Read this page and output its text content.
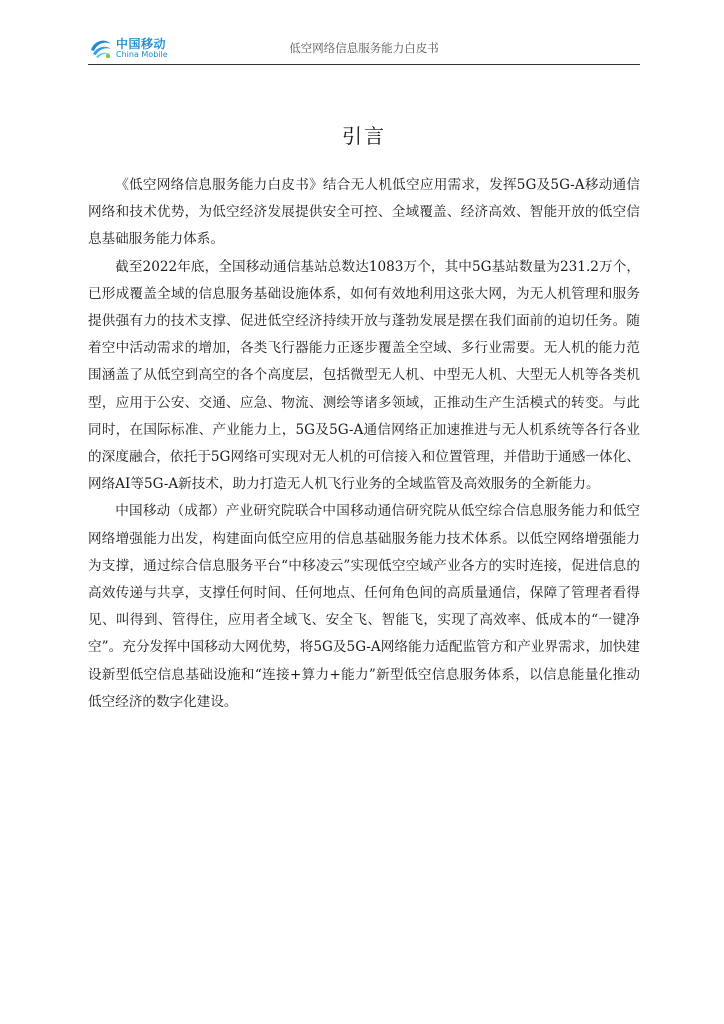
中国移动
China Mobile	低空网络信息服务能力白皮书
引言

《低空网络信息服务能力白皮书》结合无人机低空应用需求，发挥5G及5G-A移动通信网络和技术优势，为低空经济发展提供安全可控、全域覆盖、经济高效、智能开放的低空信息基础服务能力体系。

截至2022年底，全国移动通信基站总数达1083万个，其中5G基站数量为231.2万个，已形成覆盖全域的信息服务基础设施体系，如何有效地利用这张大网，为无人机管理和服务提供强有力的技术支撑、促进低空经济持续开放与蓬勃发展是摆在我们面前的迫切任务。随着空中活动需求的增加，各类飞行器能力正逐步覆盖全空域、多行业需要。无人机的能力范围涵盖了从低空到高空的各个高度层，包括微型无人机、中型无人机、大型无人机等各类机型，应用于公安、交通、应急、物流、测绘等诸多领域，正推动生产生活模式的转变。与此同时，在国际标准、产业能力上，5G及5G-A通信网络正加速推进与无人机系统等各行各业的深度融合，依托于5G网络可实现对无人机的可信接入和位置管理，并借助于通感一体化、网络AI等5G-A新技术，助力打造无人机飞行业务的全域监管及高效服务的全新能力。

中国移动（成都）产业研究院联合中国移动通信研究院从低空综合信息服务能力和低空网络增强能力出发，构建面向低空应用的信息基础服务能力技术体系。以低空网络增强能力为支撑，通过综合信息服务平台“中移凌云”实现低空空域产业各方的实时连接，促进信息的高效传递与共享，支撑任何时间、任何地点、任何角色间的高质量通信，保障了管理者看得见、叫得到、管得住，应用者全域飞、安全飞、智能飞，实现了高效率、低成本的“一键净空”。充分发挥中国移动大网优势，将5G及5G-A网络能力适配监管方和产业界需求，加快建设新型低空信息基础设施和“连接+算力+能力”新型低空信息服务体系，以信息能量化推动低空经济的数字化建设。
